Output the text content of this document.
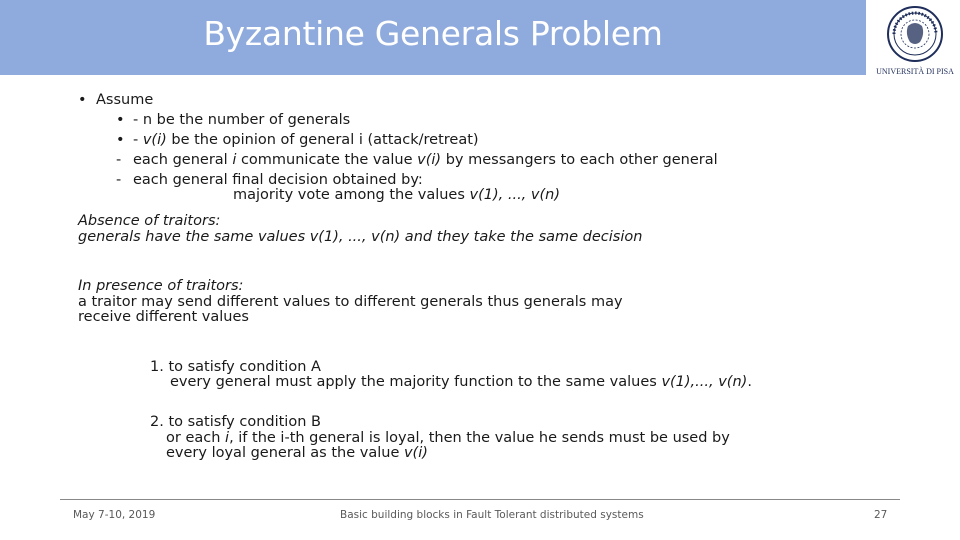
Byzantine Generals Problem
UNIVERSITÀ DI PISA
• Assume
• - n be the number of generals
• - v(i) be the opinion of general i (attack/retreat)
- each general i communicate the value v(i) by messangers to each other general
- each general final decision obtained by:
majority vote among the values v(1), ..., v(n)
Absence of traitors:
generals have the same values v(1), ..., v(n) and they take the same decision
In presence of traitors:
a traitor may send different values to different generals thus generals may
receive different values
1. to satisfy condition A
every general must apply the majority function to the same values v(1),..., v(n).
2. to satisfy condition B
or each i, if the i-th general is loyal, then the value he sends must be used by
every loyal general as the value v(i)
May 7-10, 2019	Basic building blocks in Fault Tolerant distributed systems	27
